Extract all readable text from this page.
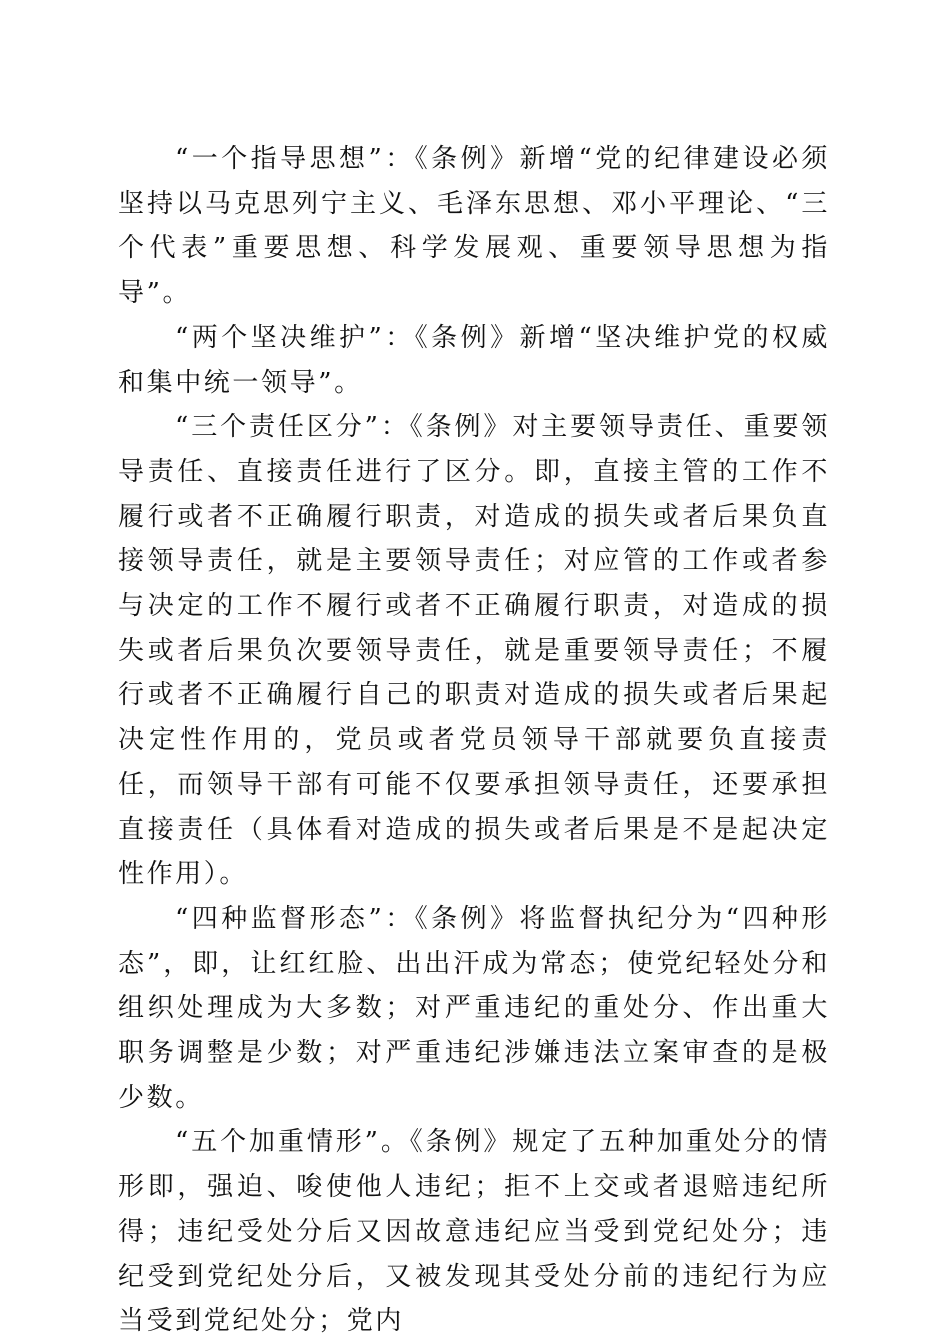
“一个指导思想”：《条例》新增“党的纪律建设必须坚持以马克思列宁主义、毛泽东思想、邓小平理论、“三个代表”重要思想、科学发展观、重要领导思想为指导”。

“两个坚决维护”：《条例》新增“坚决维护党的权威和集中统一领导”。

“三个责任区分”：《条例》对主要领导责任、重要领导责任、直接责任进行了区分。即，直接主管的工作不履行或者不正确履行职责，对造成的损失或者后果负直接领导责任，就是主要领导责任；对应管的工作或者参与决定的工作不履行或者不正确履行职责，对造成的损失或者后果负次要领导责任，就是重要领导责任；不履行或者不正确履行自己的职责对造成的损失或者后果起决定性作用的，党员或者党员领导干部就要负直接责任，而领导干部有可能不仅要承担领导责任，还要承担直接责任（具体看对造成的损失或者后果是不是起决定性作用）。

“四种监督形态”：《条例》将监督执纪分为“四种形态”，即，让红红脸、出出汗成为常态；使党纪轻处分和组织处理成为大多数；对严重违纪的重处分、作出重大职务调整是少数；对严重违纪涉嫌违法立案审查的是极少数。

“五个加重情形”。《条例》规定了五种加重处分的情形即，强迫、唆使他人违纪；拒不上交或者退赔违纪所得；违纪受处分后又因故意违纪应当受到党纪处分；违纪受到党纪处分后，又被发现其受处分前的违纪行为应当受到党纪处分；党内
